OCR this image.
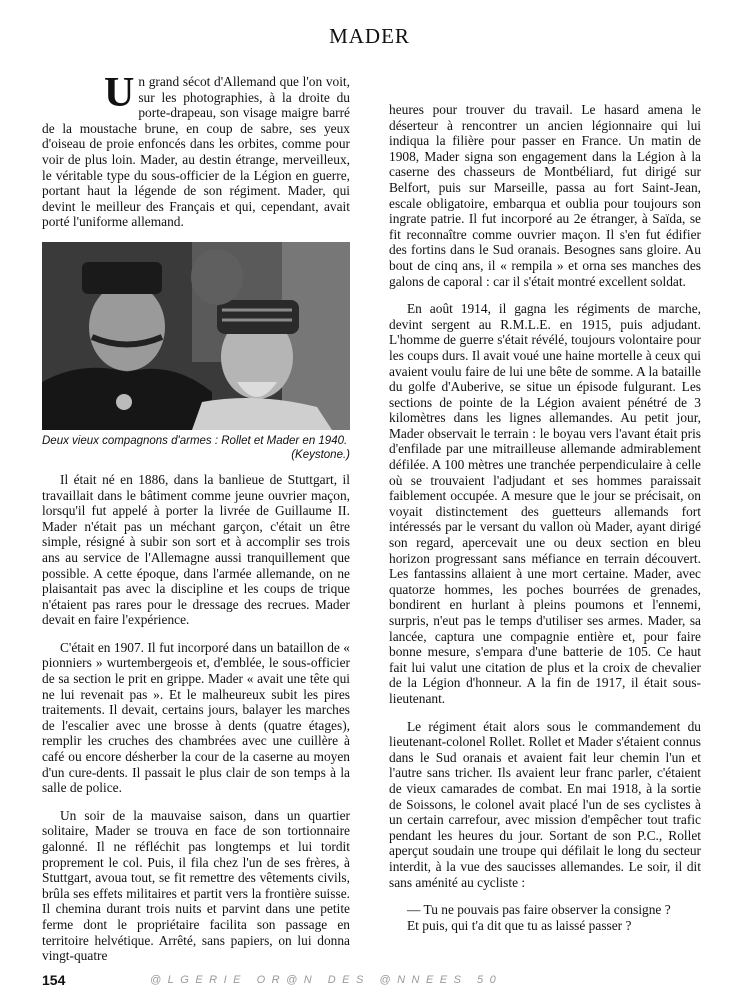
MADER

Un grand sécot d'Allemand que l'on voit, sur les photographies, à la droite du porte-drapeau, son visage maigre barré de la moustache brune, en coup de sabre, ses yeux d'oiseau de proie enfoncés dans les orbites, comme pour voir de plus loin. Mader, au destin étrange, merveilleux, le véritable type du sous-officier de la Légion en guerre, portant haut la légende de son régiment. Mader, qui devint le meilleur des Français et qui, cependant, avait porté l'uniforme allemand.

Deux vieux compagnons d'armes : Rollet et Mader en 1940.
(Keystone.)

Il était né en 1886, dans la banlieue de Stuttgart, il travaillait dans le bâtiment comme jeune ouvrier maçon, lorsqu'il fut appelé à porter la livrée de Guillaume II. Mader n'était pas un méchant garçon, c'était un être simple, résigné à subir son sort et à accomplir ses trois ans au service de l'Allemagne aussi tranquillement que possible. A cette époque, dans l'armée allemande, on ne plaisantait pas avec la discipline et les coups de trique n'étaient pas rares pour le dressage des recrues. Mader devait en faire l'expérience.

C'était en 1907. Il fut incorporé dans un bataillon de « pionniers » wurtembergeois et, d'emblée, le sous-officier de sa section le prit en grippe. Mader « avait une tête qui ne lui revenait pas ». Et le malheureux subit les pires traitements. Il devait, certains jours, balayer les marches de l'escalier avec une brosse à dents (quatre étages), remplir les cruches des chambrées avec une cuillère à café ou encore désherber la cour de la caserne au moyen d'un cure-dents. Il passait le plus clair de son temps à la salle de police.

Un soir de la mauvaise saison, dans un quartier solitaire, Mader se trouva en face de son tortionnaire galonné. Il ne réfléchit pas longtemps et lui tordit proprement le col. Puis, il fila chez l'un de ses frères, à Stuttgart, avoua tout, se fit remettre des vêtements civils, brûla ses effets militaires et partit vers la frontière suisse. Il chemina durant trois nuits et parvint dans une petite ferme dont le propriétaire facilita son passage en territoire helvétique. Arrêté, sans papiers, on lui donna vingt-quatre

heures pour trouver du travail. Le hasard amena le déserteur à rencontrer un ancien légionnaire qui lui indiqua la filière pour passer en France. Un matin de 1908, Mader signa son engagement dans la Légion à la caserne des chasseurs de Montbéliard, fut dirigé sur Belfort, puis sur Marseille, passa au fort Saint-Jean, escale obligatoire, embarqua et oublia pour toujours son ingrate patrie. Il fut incorporé au 2e étranger, à Saïda, se fit reconnaître comme ouvrier maçon. Il s'en fut édifier des fortins dans le Sud oranais. Besognes sans gloire. Au bout de cinq ans, il « rempila » et orna ses manches des galons de caporal : car il s'était montré excellent soldat.

En août 1914, il gagna les régiments de marche, devint sergent au R.M.L.E. en 1915, puis adjudant. L'homme de guerre s'était révélé, toujours volontaire pour les coups durs. Il avait voué une haine mortelle à ceux qui avaient voulu faire de lui une bête de somme. A la bataille du golfe d'Auberive, se situe un épisode fulgurant. Les sections de pointe de la Légion avaient pénétré de 3 kilomètres dans les lignes allemandes. Au petit jour, Mader observait le terrain : le boyau vers l'avant était pris d'enfilade par une mitrailleuse allemande admirablement défilée. A 100 mètres une tranchée perpendiculaire à celle où se trouvaient l'adjudant et ses hommes paraissait faiblement occupée. A mesure que le jour se précisait, on voyait distinctement des guetteurs allemands fort intéressés par le versant du vallon où Mader, ayant dirigé son regard, apercevait une ou deux section en bleu horizon progressant sans méfiance en terrain découvert. Les fantassins allaient à une mort certaine. Mader, avec quatorze hommes, les poches bourrées de grenades, bondirent en hurlant à pleins poumons et l'ennemi, surpris, n'eut pas le temps d'utiliser ses armes. Mader, sa lancée, captura une compagnie entière et, pour faire bonne mesure, s'empara d'une batterie de 105. Ce haut fait lui valut une citation de plus et la croix de chevalier de la Légion d'honneur. A la fin de 1917, il était sous-lieutenant.

Le régiment était alors sous le commandement du lieutenant-colonel Rollet. Rollet et Mader s'étaient connus dans le Sud oranais et avaient fait leur chemin l'un et l'autre sans tricher. Ils avaient leur franc parler, c'étaient de vieux camarades de combat. En mai 1918, à la sortie de Soissons, le colonel avait placé l'un de ses cyclistes à un certain carrefour, avec mission d'empêcher tout trafic pendant les heures du jour. Sortant de son P.C., Rollet aperçut soudain une troupe qui défilait le long du secteur interdit, à la vue des saucisses allemandes. Le soir, il dit sans aménité au cycliste :

— Tu ne pouvais pas faire observer la consigne ?

Et puis, qui t'a dit que tu as laissé passer ?

154	@LGERIE OR@N DES @NNEES 50
